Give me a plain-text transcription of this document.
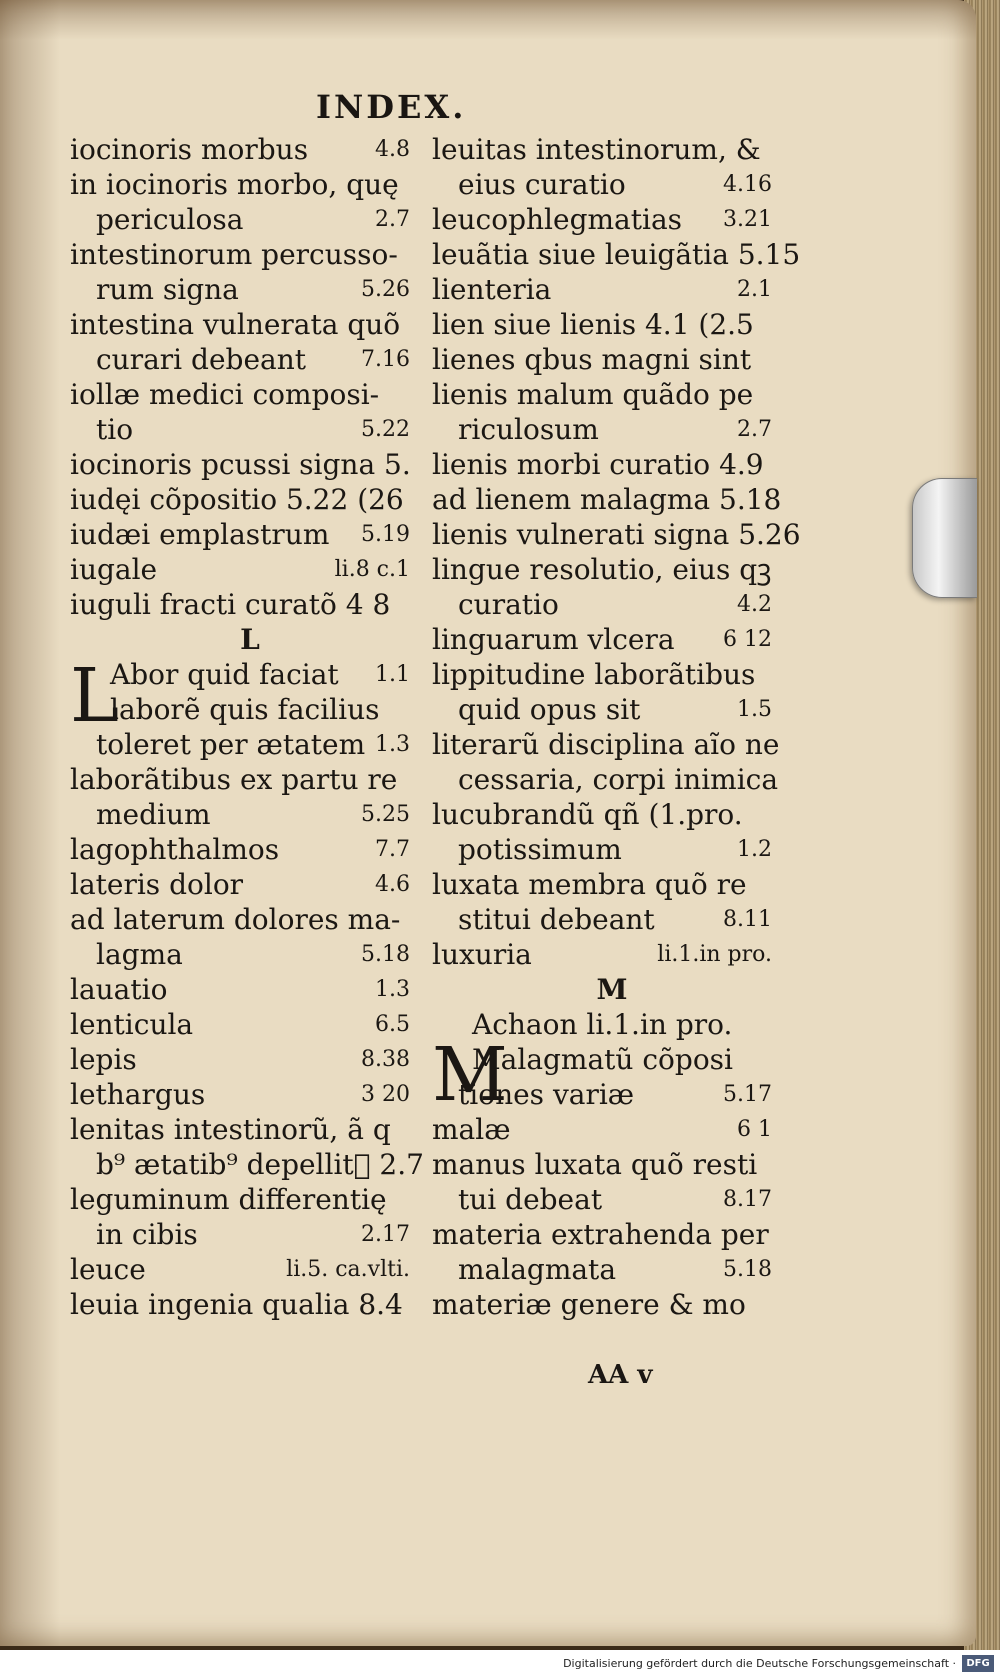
INDEX.
L
M
iocinoris morbus	4.8
in iocinoris morbo, quę
periculosa	2.7
intestinorum percusso-
rum signa	5.26
intestina vulnerata quõ
curari debeant	7.16
iollæ medici composi-
tio	5.22
iocinoris pcussi signa 5.
iudęi cõpositio 5.22 (26
iudæi emplastrum 5.19
iugale	li.8 c.1
iuguli fracti curatõ 4 8
L
Abor quid faciat 1.1
laborẽ quis facilius
toleret per ætatem 1.3
laborãtibus ex partu re
medium	5.25
lagophthalmos	7.7
lateris dolor	4.6
ad laterum dolores ma-
lagma	5.18
lauatio	1.3
lenticula	6.5
lepis	8.38
lethargus	3 20
lenitas intestinorũ, ã q
b⁹ ætatib⁹ depellitᷓ 2.7
leguminum differentię
in cibis	2.17
leuce	li.5. ca.vlti.
leuia ingenia qualia 8.4
leuitas intestinorum, &
eius curatio	4.16
leucophlegmatias 3.21
leuãtia siue leuigãtia 5.15
lienteria	2.1
lien siue lienis 4.1 (2.5
lienes qbus magni sint
lienis malum quãdo pe
riculosum	2.7
lienis morbi curatio 4.9
ad lienem malagma 5.18
lienis vulnerati signa 5.26
lingue resolutio, eius qꝫ
curatio	4.2
linguarum vlcera 6 12
lippitudine laborãtibus
quid opus sit	1.5
literarũ disciplina aĩo ne
cessaria, corpi inimica
lucubrandũ qñ (1.pro.
potissimum	1.2
luxata membra quõ re
stitui debeant	8.11
luxuria	li.1.in pro.
M
Achaon li.1.in pro.
Malagmatũ cõposi
tiones variæ	5.17
malæ	6 1
manus luxata quõ resti
tui debeat	8.17
materia extrahenda per
malagmata	5.18
materiæ genere & mo
AA v
Digitalisierung gefördert durch die Deutsche Forschungsgemeinschaft ·	DFG
